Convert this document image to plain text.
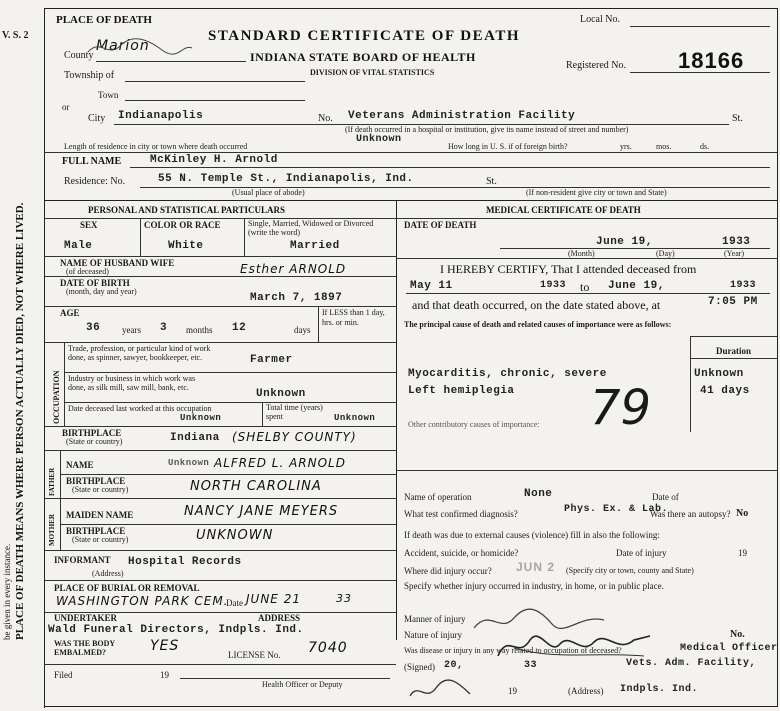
V. S. 2
PLACE OF DEATH MEANS WHERE PERSON ACTUALLY DIED, NOT WHERE LIVED.
be given in every instance.
PLACE OF DEATH	Local No.
STANDARD CERTIFICATE OF DEATH
INDIANA STATE BOARD OF HEALTH
DIVISION OF VITAL STATISTICS
Registered No. 18166
County
Marion
Township of
Town
or
City Indianapolis	No. Veterans Administration Facility	St.
(If death occurred in a hospital or institution, give its name instead of street and number)
Unknown
Length of residence in city or town where death occurred	How long in U. S. if of foreign birth?	yrs.	mos.	ds.
FULL NAME	McKinley H. Arnold
Residence: No.	55 N. Temple St., Indianapolis, Ind.	St.
(Usual place of abode)	(If non-resident give city or town and State)
PERSONAL AND STATISTICAL PARTICULARS
SEX	COLOR OR RACE	Single, Married, Widowed or Divorced (write the word)
Male	White	Married
NAME OF HUSBAND WIFE
(of deceased)	Esther ARNOLD
DATE OF BIRTH
(month, day and year)
March 7, 1897
AGE
36 years 3 months 12	days
If LESS than 1 day, hrs. or min.
OCCUPATION
Trade, profession, or particular kind of work done, as spinner, sawyer, bookkeeper, etc.	Farmer
Industry or business in which work was done, as silk mill, saw mill, bank, etc.
Unknown
Date deceased last worked at this occupation
Unknown
Total time (years) spent	Unknown
BIRTHPLACE
(State or country)	Indiana (SHELBY COUNTY)
FATHER
NAME	Unknown ALFRED L. ARNOLD
BIRTHPLACE
(State or country)	NORTH CAROLINA
MOTHER MAIDEN NAME	NANCY JANE MEYERS
BIRTHPLACE
(State or country)	UNKNOWN
INFORMANT Hospital Records
(Address)
PLACE OF BURIAL OR REMOVAL
WASHINGTON PARK CEM.
Date JUNE 21	33
UNDERTAKER	ADDRESS
Wald Funeral Directors, Indpls. Ind.
WAS THE BODY EMBALMED?	YES
LICENSE No. 7040
Filed	19
Health Officer or Deputy
MEDICAL CERTIFICATE OF DEATH
DATE OF DEATH
June 19,	1933
(Month)	(Day)	(Year)
I HEREBY CERTIFY, That I attended deceased from
May 11	1933 to June 19,	1933
and that death occurred, on the date stated above, at	7:05 PM
The principal cause of death and related causes of importance were as follows:
Duration
Myocarditis, chronic, severe	Unknown
Left hemiplegia	41 days
79
Other contributory causes of importance:
Name of operation	None	Date of
What test confirmed diagnosis?	Phys. Ex. & Lab.
Was there an autopsy? No
If death was due to external causes (violence) fill in also the following:
Accident, suicide, or homicide?	Date of injury	19
Where did injury occur?	(Specify city or town, county and State)
JUN 2
Specify whether injury occurred in industry, in home, or in public place.
Manner of injury
Nature of injury	No.
Was disease or injury in any way related to occupation of deceased?	Medical Officer
(Signed) 20,	33	Vets. Adm. Facility,
19	(Address) Indpls. Ind.
